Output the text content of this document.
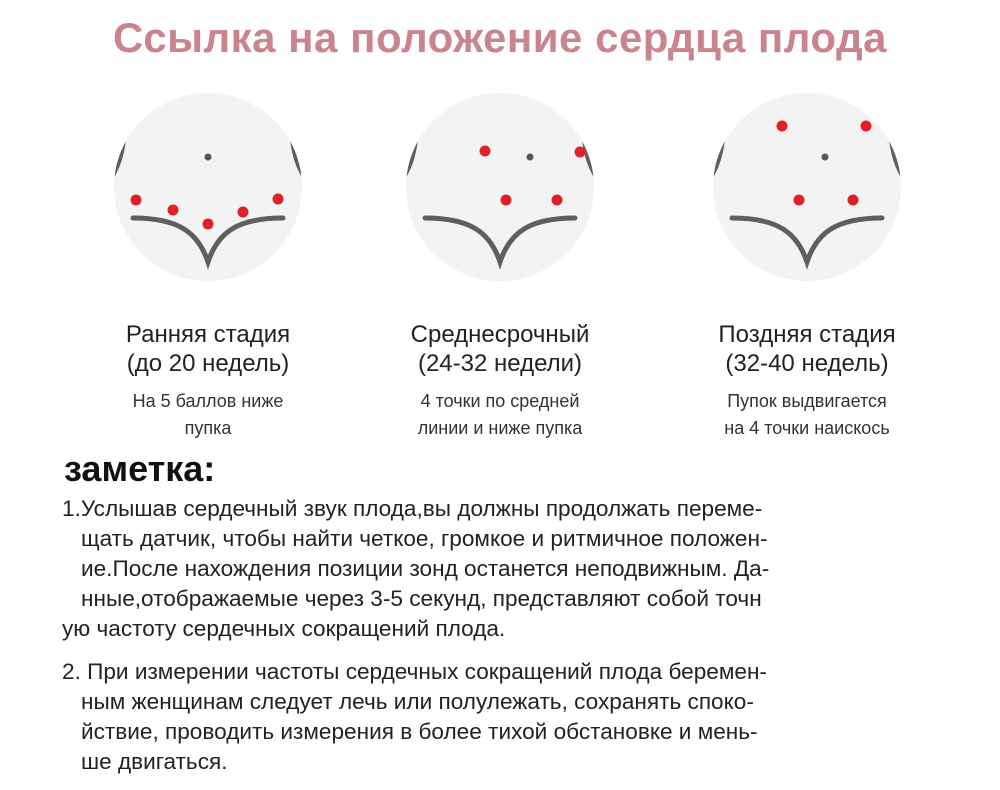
Ссылка на положение сердца плода
Ранняя стадия
(до 20 недель)
На 5 баллов ниже
пупка
Среднесрочный
(24-32 недели)
4 точки по средней
линии и ниже пупка
Поздняя стадия
(32-40 недель)
Пупок выдвигается
на 4 точки наискось
заметка:
1.Услышав сердечный звук плода,вы должны продолжать переме-
щать датчик, чтобы найти четкое, громкое и ритмичное положен-
ие.После нахождения позиции зонд останется неподвижным. Да-
нные,отображаемые через 3-5 секунд, представляют собой точн
ую частоту сердечных сокращений плода.
2. При измерении частоты сердечных сокращений плода беремен-
ным женщинам следует лечь или полулежать, сохранять споко-
йствие, проводить измерения в более тихой обстановке и мень-
ше двигаться.
